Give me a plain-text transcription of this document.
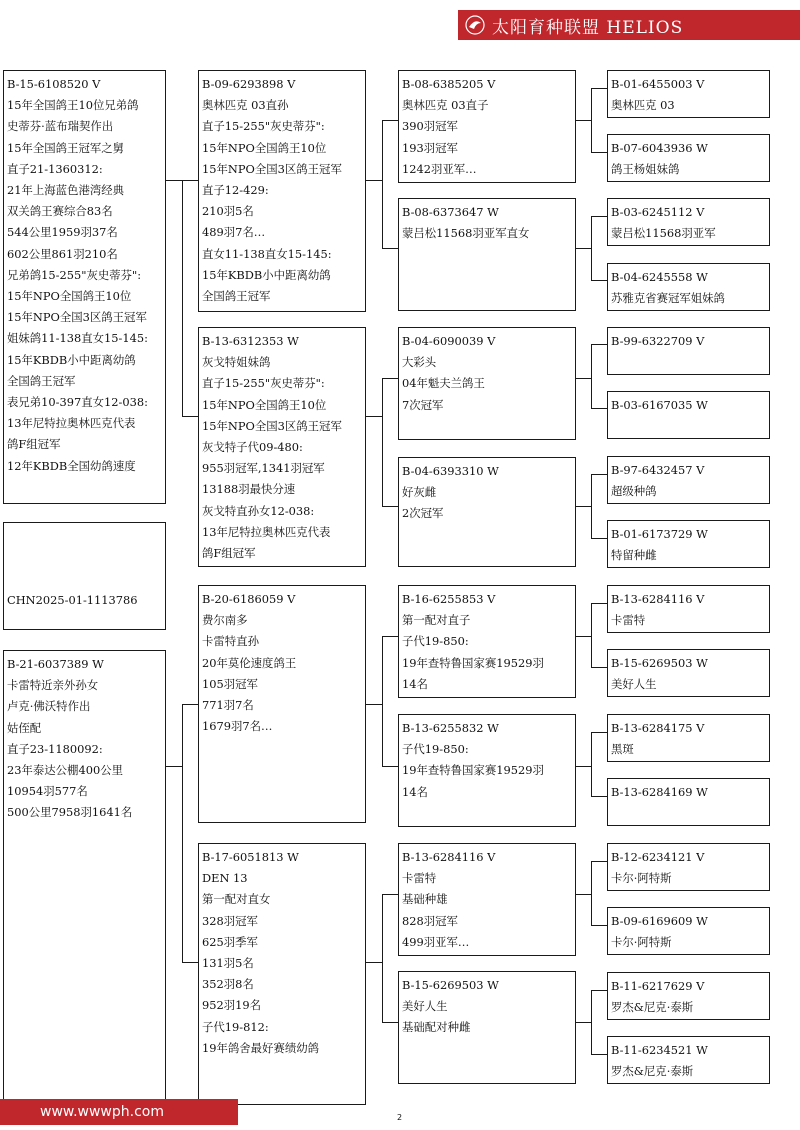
太阳育种联盟 HELIOS
B-15-6108520 V
15年全国鸽王10位兄弟鸽
史蒂芬·蓝布瑞契作出
15年全国鸽王冠军之舅
直子21-1360312:
21年上海蓝色港湾经典
双关鸽王赛综合83名
544公里1959羽37名
602公里861羽210名
兄弟鸽15-255"灰史蒂芬":
15年NPO全国鸽王10位
15年NPO全国3区鸽王冠军
姐妹鸽11-138直女15-145:
15年KBDB小中距离幼鸽
全国鸽王冠军
表兄弟10-397直女12-038:
13年尼特拉奥林匹克代表
鸽F组冠军
12年KBDB全国幼鸽速度

CHN2025-01-1113786
B-21-6037389 W
卡雷特近亲外孙女
卢克·佛沃特作出
姑侄配
直子23-1180092:
23年泰达公棚400公里
10954羽577名
500公里7958羽1641名
B-09-6293898 V
奥林匹克 03直孙
直子15-255"灰史蒂芬":
15年NPO全国鸽王10位
15年NPO全国3区鸽王冠军
直子12-429:
210羽5名
489羽7名…
直女11-138直女15-145:
15年KBDB小中距离幼鸽
全国鸽王冠军
B-13-6312353 W
灰戈特姐妹鸽
直子15-255"灰史蒂芬":
15年NPO全国鸽王10位
15年NPO全国3区鸽王冠军
灰戈特子代09-480:
955羽冠军,1341羽冠军
13188羽最快分速
灰戈特直孙女12-038:
13年尼特拉奥林匹克代表
鸽F组冠军
B-20-6186059 V
费尔南多
卡雷特直孙
20年莫伦速度鸽王
105羽冠军
771羽7名
1679羽7名…
B-17-6051813 W
DEN 13
第一配对直女
328羽冠军
625羽季军
131羽5名
352羽8名
952羽19名
子代19-812:
19年鸽舍最好赛绩幼鸽
B-08-6385205 V
奥林匹克 03直子
390羽冠军
193羽冠军
1242羽亚军…
B-08-6373647 W
蒙吕松11568羽亚军直女
B-04-6090039 V
大彩头
04年魁夫兰鸽王
7次冠军
B-04-6393310 W
好灰雌
2次冠军
B-16-6255853 V
第一配对直子
子代19-850:
19年查特鲁国家赛19529羽
14名
B-13-6255832 W
子代19-850:
19年查特鲁国家赛19529羽
14名
B-13-6284116 V
卡雷特
基础种雄
828羽冠军
499羽亚军…
B-15-6269503 W
美好人生
基础配对种雌
B-01-6455003 V
奥林匹克 03
B-07-6043936 W
鸽王杨姐妹鸽
B-03-6245112 V
蒙吕松11568羽亚军
B-04-6245558 W
苏雅克省赛冠军姐妹鸽
B-99-6322709 V
B-03-6167035 W
B-97-6432457 V
超级种鸽
B-01-6173729 W
特留种雌
B-13-6284116 V
卡雷特
B-15-6269503 W
美好人生
B-13-6284175 V
黑斑
B-13-6284169 W
B-12-6234121 V
卡尔·阿特斯
B-09-6169609 W
卡尔·阿特斯
B-11-6217629 V
罗杰&尼克·泰斯
B-11-6234521 W
罗杰&尼克·泰斯
www.wwwph.com	2
